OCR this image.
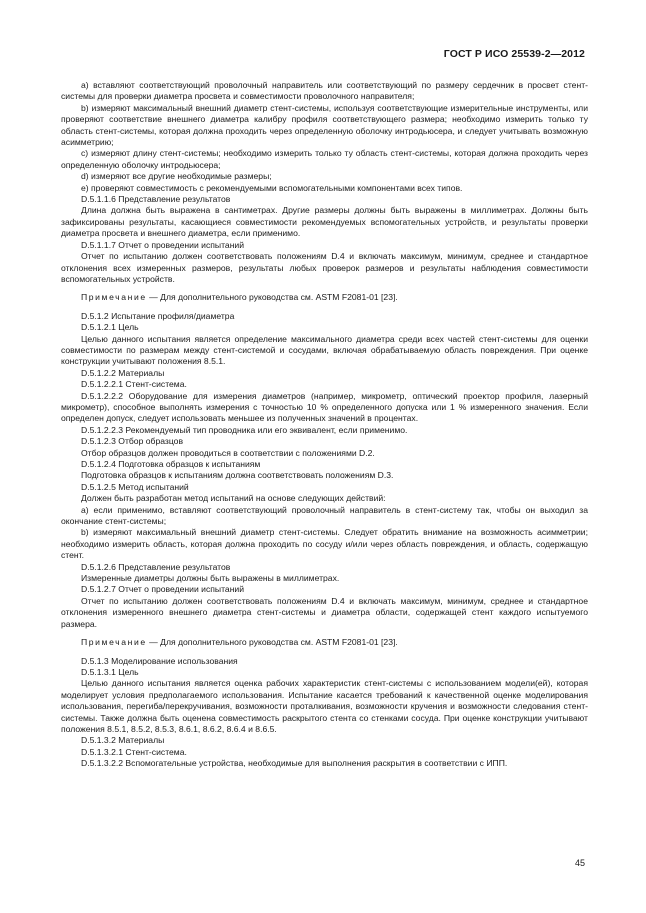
ГОСТ Р ИСО 25539-2—2012

a) вставляют соответствующий проволочный направитель или соответствующий по размеру сердечник в просвет стент-системы для проверки диаметра просвета и совместимости проволочного направителя;

b) измеряют максимальный внешний диаметр стент-системы, используя соответствующие измерительные инструменты, или проверяют соответствие внешнего диаметра калибру профиля соответствующего размера; необходимо измерить только ту область стент-системы, которая должна проходить через определенную оболочку интродьюсера, и следует учитывать возможную асимметрию;

c) измеряют длину стент-системы; необходимо измерить только ту область стент-системы, которая должна проходить через определенную оболочку интродьюсера;

d) измеряют все другие необходимые размеры;

e) проверяют совместимость с рекомендуемыми вспомогательными компонентами всех типов.

D.5.1.1.6 Представление результатов

Длина должна быть выражена в сантиметрах. Другие размеры должны быть выражены в миллиметрах. Должны быть зафиксированы результаты, касающиеся совместимости рекомендуемых вспомогательных устройств, и результаты проверки диаметра просвета и внешнего диаметра, если применимо.

D.5.1.1.7 Отчет о проведении испытаний

Отчет по испытанию должен соответствовать положениям D.4 и включать максимум, минимум, среднее и стандартное отклонения всех измеренных размеров, результаты любых проверок размеров и результаты наблюдения совместимости вспомогательных устройств.

Примечание — Для дополнительного руководства см. ASTM F2081-01 [23].

D.5.1.2 Испытание профиля/диаметра

D.5.1.2.1 Цель

Целью данного испытания является определение максимального диаметра среди всех частей стент-системы для оценки совместимости по размерам между стент-системой и сосудами, включая обрабатываемую область повреждения. При оценке конструкции учитывают положения 8.5.1.

D.5.1.2.2 Материалы

D.5.1.2.2.1 Стент-система.

D.5.1.2.2.2 Оборудование для измерения диаметров (например, микрометр, оптический проектор профиля, лазерный микрометр), способное выполнять измерения с точностью 10 % определенного допуска или 1 % измеренного значения. Если определен допуск, следует использовать меньшее из полученных значений в процентах.

D.5.1.2.2.3 Рекомендуемый тип проводника или его эквивалент, если применимо.

D.5.1.2.3 Отбор образцов

Отбор образцов должен проводиться в соответствии с положениями D.2.

D.5.1.2.4 Подготовка образцов к испытаниям

Подготовка образцов к испытаниям должна соответствовать положениям D.3.

D.5.1.2.5 Метод испытаний

Должен быть разработан метод испытаний на основе следующих действий:

a) если применимо, вставляют соответствующий проволочный направитель в стент-систему так, чтобы он выходил за окончание стент-системы;

b) измеряют максимальный внешний диаметр стент-системы. Следует обратить внимание на возможность асимметрии; необходимо измерить область, которая должна проходить по сосуду и/или через область повреждения, и область, содержащую стент.

D.5.1.2.6 Представление результатов

Измеренные диаметры должны быть выражены в миллиметрах.

D.5.1.2.7 Отчет о проведении испытаний

Отчет по испытанию должен соответствовать положениям D.4 и включать максимум, минимум, среднее и стандартное отклонения измеренного внешнего диаметра стент-системы и диаметра области, содержащей стент каждого испытуемого размера.

Примечание — Для дополнительного руководства см. ASTM F2081-01 [23].

D.5.1.3 Моделирование использования

D.5.1.3.1 Цель

Целью данного испытания является оценка рабочих характеристик стент-системы с использованием модели(ей), которая моделирует условия предполагаемого использования. Испытание касается требований к качественной оценке моделирования использования, перегиба/перекручивания, возможности проталкивания, возможности кручения и возможности следования стент-системы. Также должна быть оценена совместимость раскрытого стента со стенками сосуда. При оценке конструкции учитывают положения 8.5.1, 8.5.2, 8.5.3, 8.6.1, 8.6.2, 8.6.4 и 8.6.5.

D.5.1.3.2 Материалы

D.5.1.3.2.1 Стент-система.

D.5.1.3.2.2 Вспомогательные устройства, необходимые для выполнения раскрытия в соответствии с ИПП.

45
